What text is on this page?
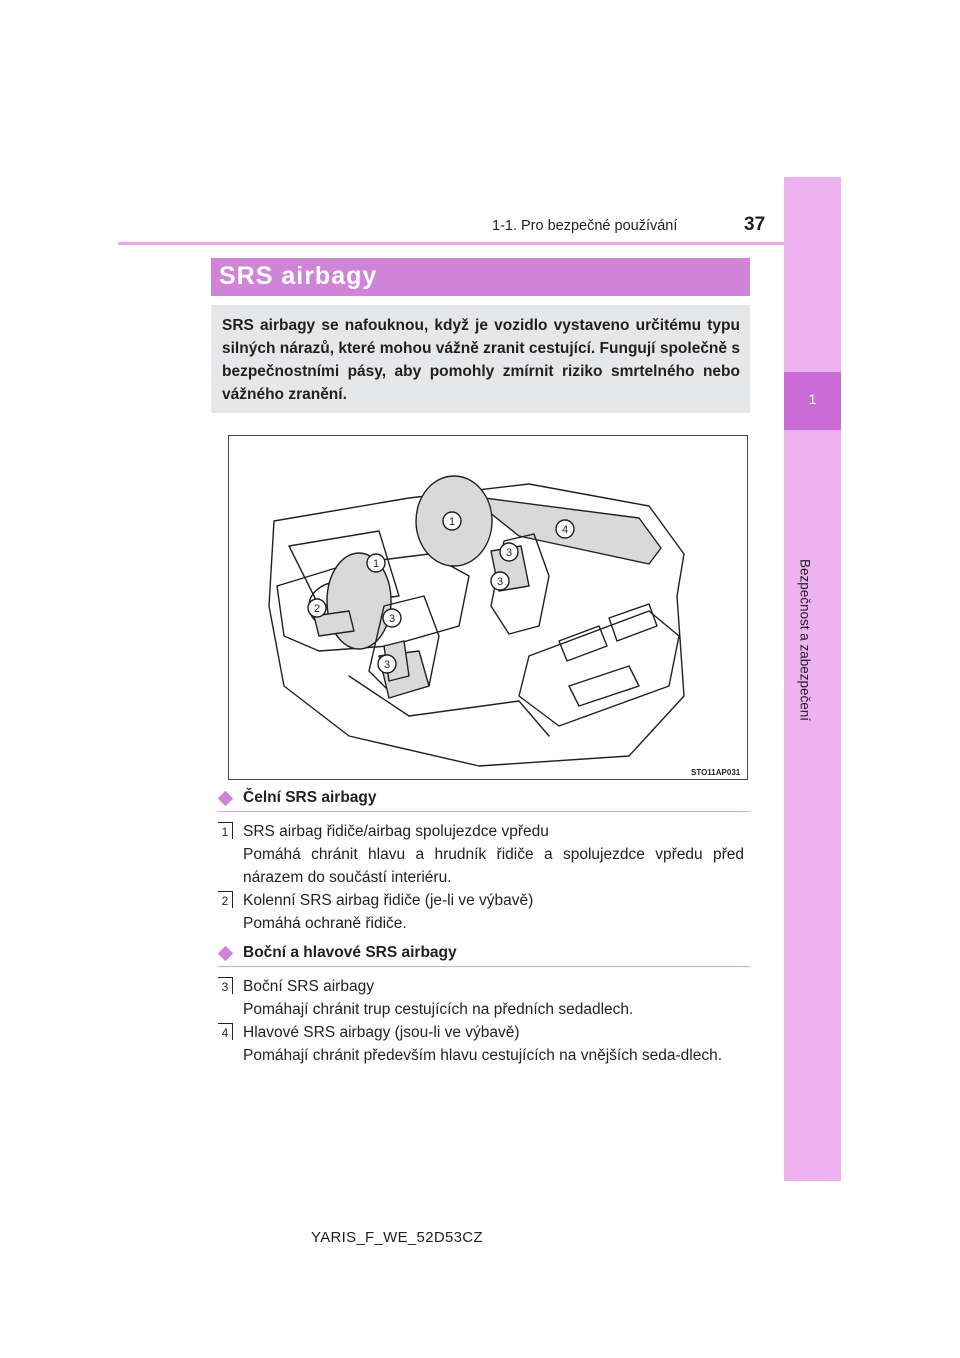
1
Bezpečnost a zabezpečení
1-1. Pro bezpečné používání	37
SRS airbagy
SRS airbagy se nafouknou, když je vozidlo vystaveno určitému typu silných nárazů, které mohou vážně zranit cestující. Fungují společně s bezpečnostními pásy, aby pomohly zmírnit riziko smrtelného nebo vážného zranění.
1
1
2
3
3
3
3
4
STO11AP031
Čelní SRS airbagy
1 SRS airbag řidiče/airbag spolujezdce vpředu
Pomáhá chránit hlavu a hrudník řidiče a spolujezdce vpředu před nárazem do součástí interiéru.
2 Kolenní SRS airbag řidiče (je-li ve výbavě)
Pomáhá ochraně řidiče.
Boční a hlavové SRS airbagy
3 Boční SRS airbagy
Pomáhají chránit trup cestujících na předních sedadlech.
4 Hlavové SRS airbagy (jsou-li ve výbavě)
Pomáhají chránit především hlavu cestujících na vnějších seda-dlech.
YARIS_F_WE_52D53CZ
